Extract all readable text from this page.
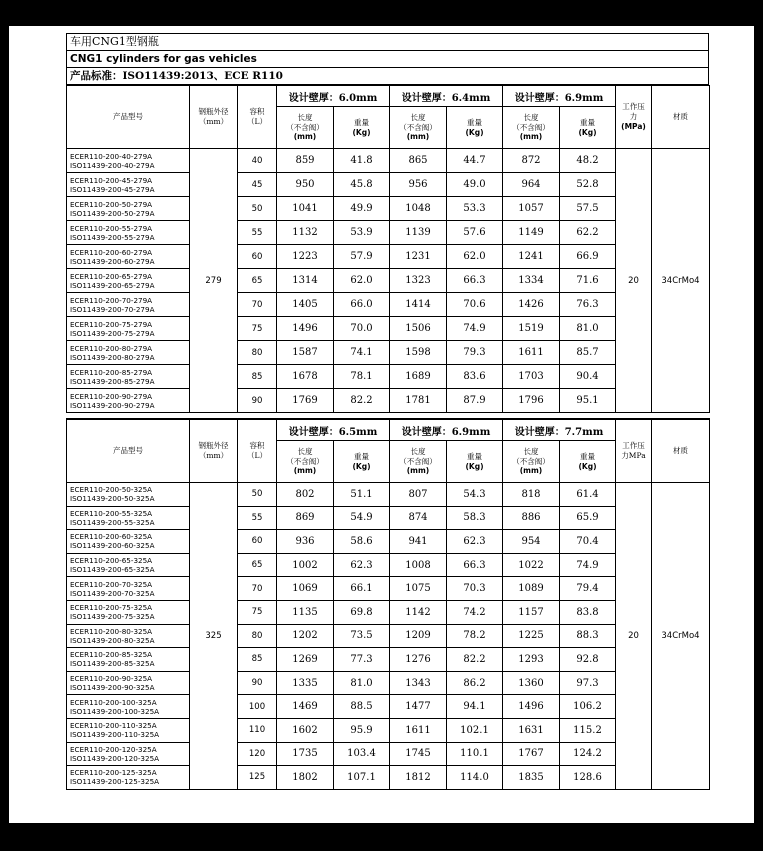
车用CNG1型钢瓶
CNG1 cylinders for gas vehicles
产品标准：ISO11439:2013、ECE R110
产品型号	钢瓶外径
（mm）	容积
（L）	设计壁厚：6.0mm		设计壁厚：6.4mm		设计壁厚：6.9mm		工作压
力
(MPa)	材质
			长度
（不含阀）
(mm)	重量
(Kg)	长度
（不含阀）
(mm)	重量
(Kg)	长度
（不含阀）
(mm)	重量
(Kg)		

ECER110-200-40-279A
ISO11439-200-40-279A	279	40	859	41.8	865	44.7	872	48.2	20	34CrMo4

ECER110-200-45-279A
ISO11439-200-45-279A		45	950	45.8	956	49.0	964	52.8		

ECER110-200-50-279A
ISO11439-200-50-279A		50	1041	49.9	1048	53.3	1057	57.5		

ECER110-200-55-279A
ISO11439-200-55-279A		55	1132	53.9	1139	57.6	1149	62.2		

ECER110-200-60-279A
ISO11439-200-60-279A		60	1223	57.9	1231	62.0	1241	66.9		

ECER110-200-65-279A
ISO11439-200-65-279A		65	1314	62.0	1323	66.3	1334	71.6		

ECER110-200-70-279A
ISO11439-200-70-279A		70	1405	66.0	1414	70.6	1426	76.3		

ECER110-200-75-279A
ISO11439-200-75-279A		75	1496	70.0	1506	74.9	1519	81.0		

ECER110-200-80-279A
ISO11439-200-80-279A		80	1587	74.1	1598	79.3	1611	85.7		

ECER110-200-85-279A
ISO11439-200-85-279A		85	1678	78.1	1689	83.6	1703	90.4		

ECER110-200-90-279A
ISO11439-200-90-279A		90	1769	82.2	1781	87.9	1796	95.1		
产品型号	钢瓶外径
（mm）	容积
（L）	设计壁厚：6.5mm		设计壁厚：6.9mm		设计壁厚：7.7mm		工作压
力MPa	材质
			长度
（不含阀）
(mm)	重量
(Kg)	长度
（不含阀）
(mm)	重量
(Kg)	长度
（不含阀）
(mm)	重量
(Kg)		

ECER110-200-50-325A
ISO11439-200-50-325A	325	50	802	51.1	807	54.3	818	61.4	20	34CrMo4

ECER110-200-55-325A
ISO11439-200-55-325A		55	869	54.9	874	58.3	886	65.9		

ECER110-200-60-325A
ISO11439-200-60-325A		60	936	58.6	941	62.3	954	70.4		

ECER110-200-65-325A
ISO11439-200-65-325A		65	1002	62.3	1008	66.3	1022	74.9		

ECER110-200-70-325A
ISO11439-200-70-325A		70	1069	66.1	1075	70.3	1089	79.4		

ECER110-200-75-325A
ISO11439-200-75-325A		75	1135	69.8	1142	74.2	1157	83.8		

ECER110-200-80-325A
ISO11439-200-80-325A		80	1202	73.5	1209	78.2	1225	88.3		

ECER110-200-85-325A
ISO11439-200-85-325A		85	1269	77.3	1276	82.2	1293	92.8		

ECER110-200-90-325A
ISO11439-200-90-325A		90	1335	81.0	1343	86.2	1360	97.3		

ECER110-200-100-325A
ISO11439-200-100-325A		100	1469	88.5	1477	94.1	1496	106.2		

ECER110-200-110-325A
ISO11439-200-110-325A		110	1602	95.9	1611	102.1	1631	115.2		

ECER110-200-120-325A
ISO11439-200-120-325A		120	1735	103.4	1745	110.1	1767	124.2		

ECER110-200-125-325A
ISO11439-200-125-325A		125	1802	107.1	1812	114.0	1835	128.6		
